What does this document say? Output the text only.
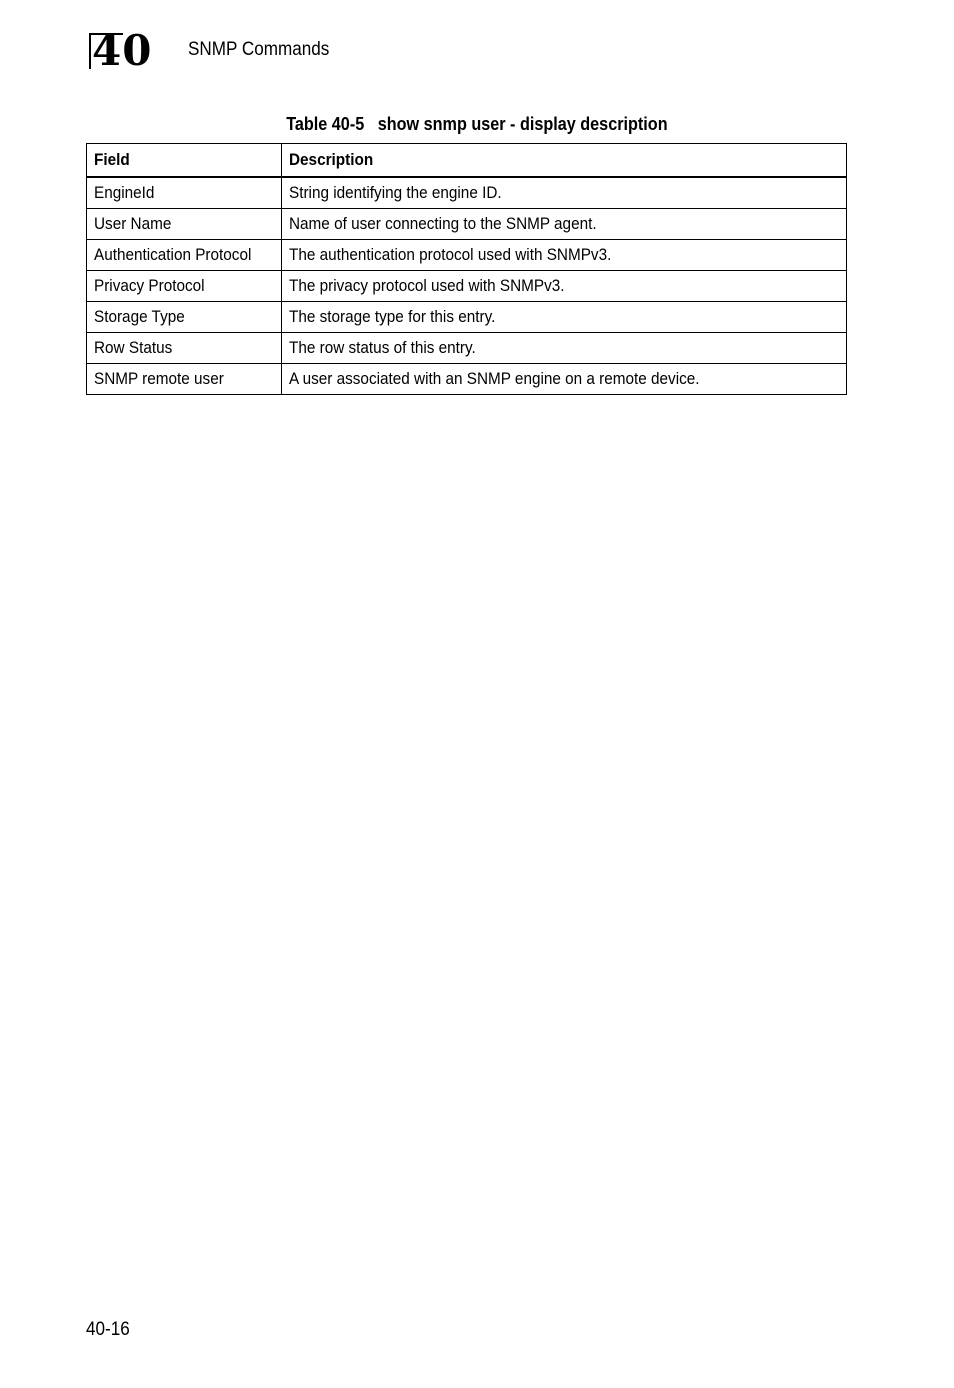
40 SNMP Commands
Table 40-5   show snmp user - display description
Field	Description
EngineId	String identifying the engine ID.
User Name	Name of user connecting to the SNMP agent.
Authentication Protocol	The authentication protocol used with SNMPv3.
Privacy Protocol	The privacy protocol used with SNMPv3.
Storage Type	The storage type for this entry.
Row Status	The row status of this entry.
SNMP remote user	A user associated with an SNMP engine on a remote device.
40-16
